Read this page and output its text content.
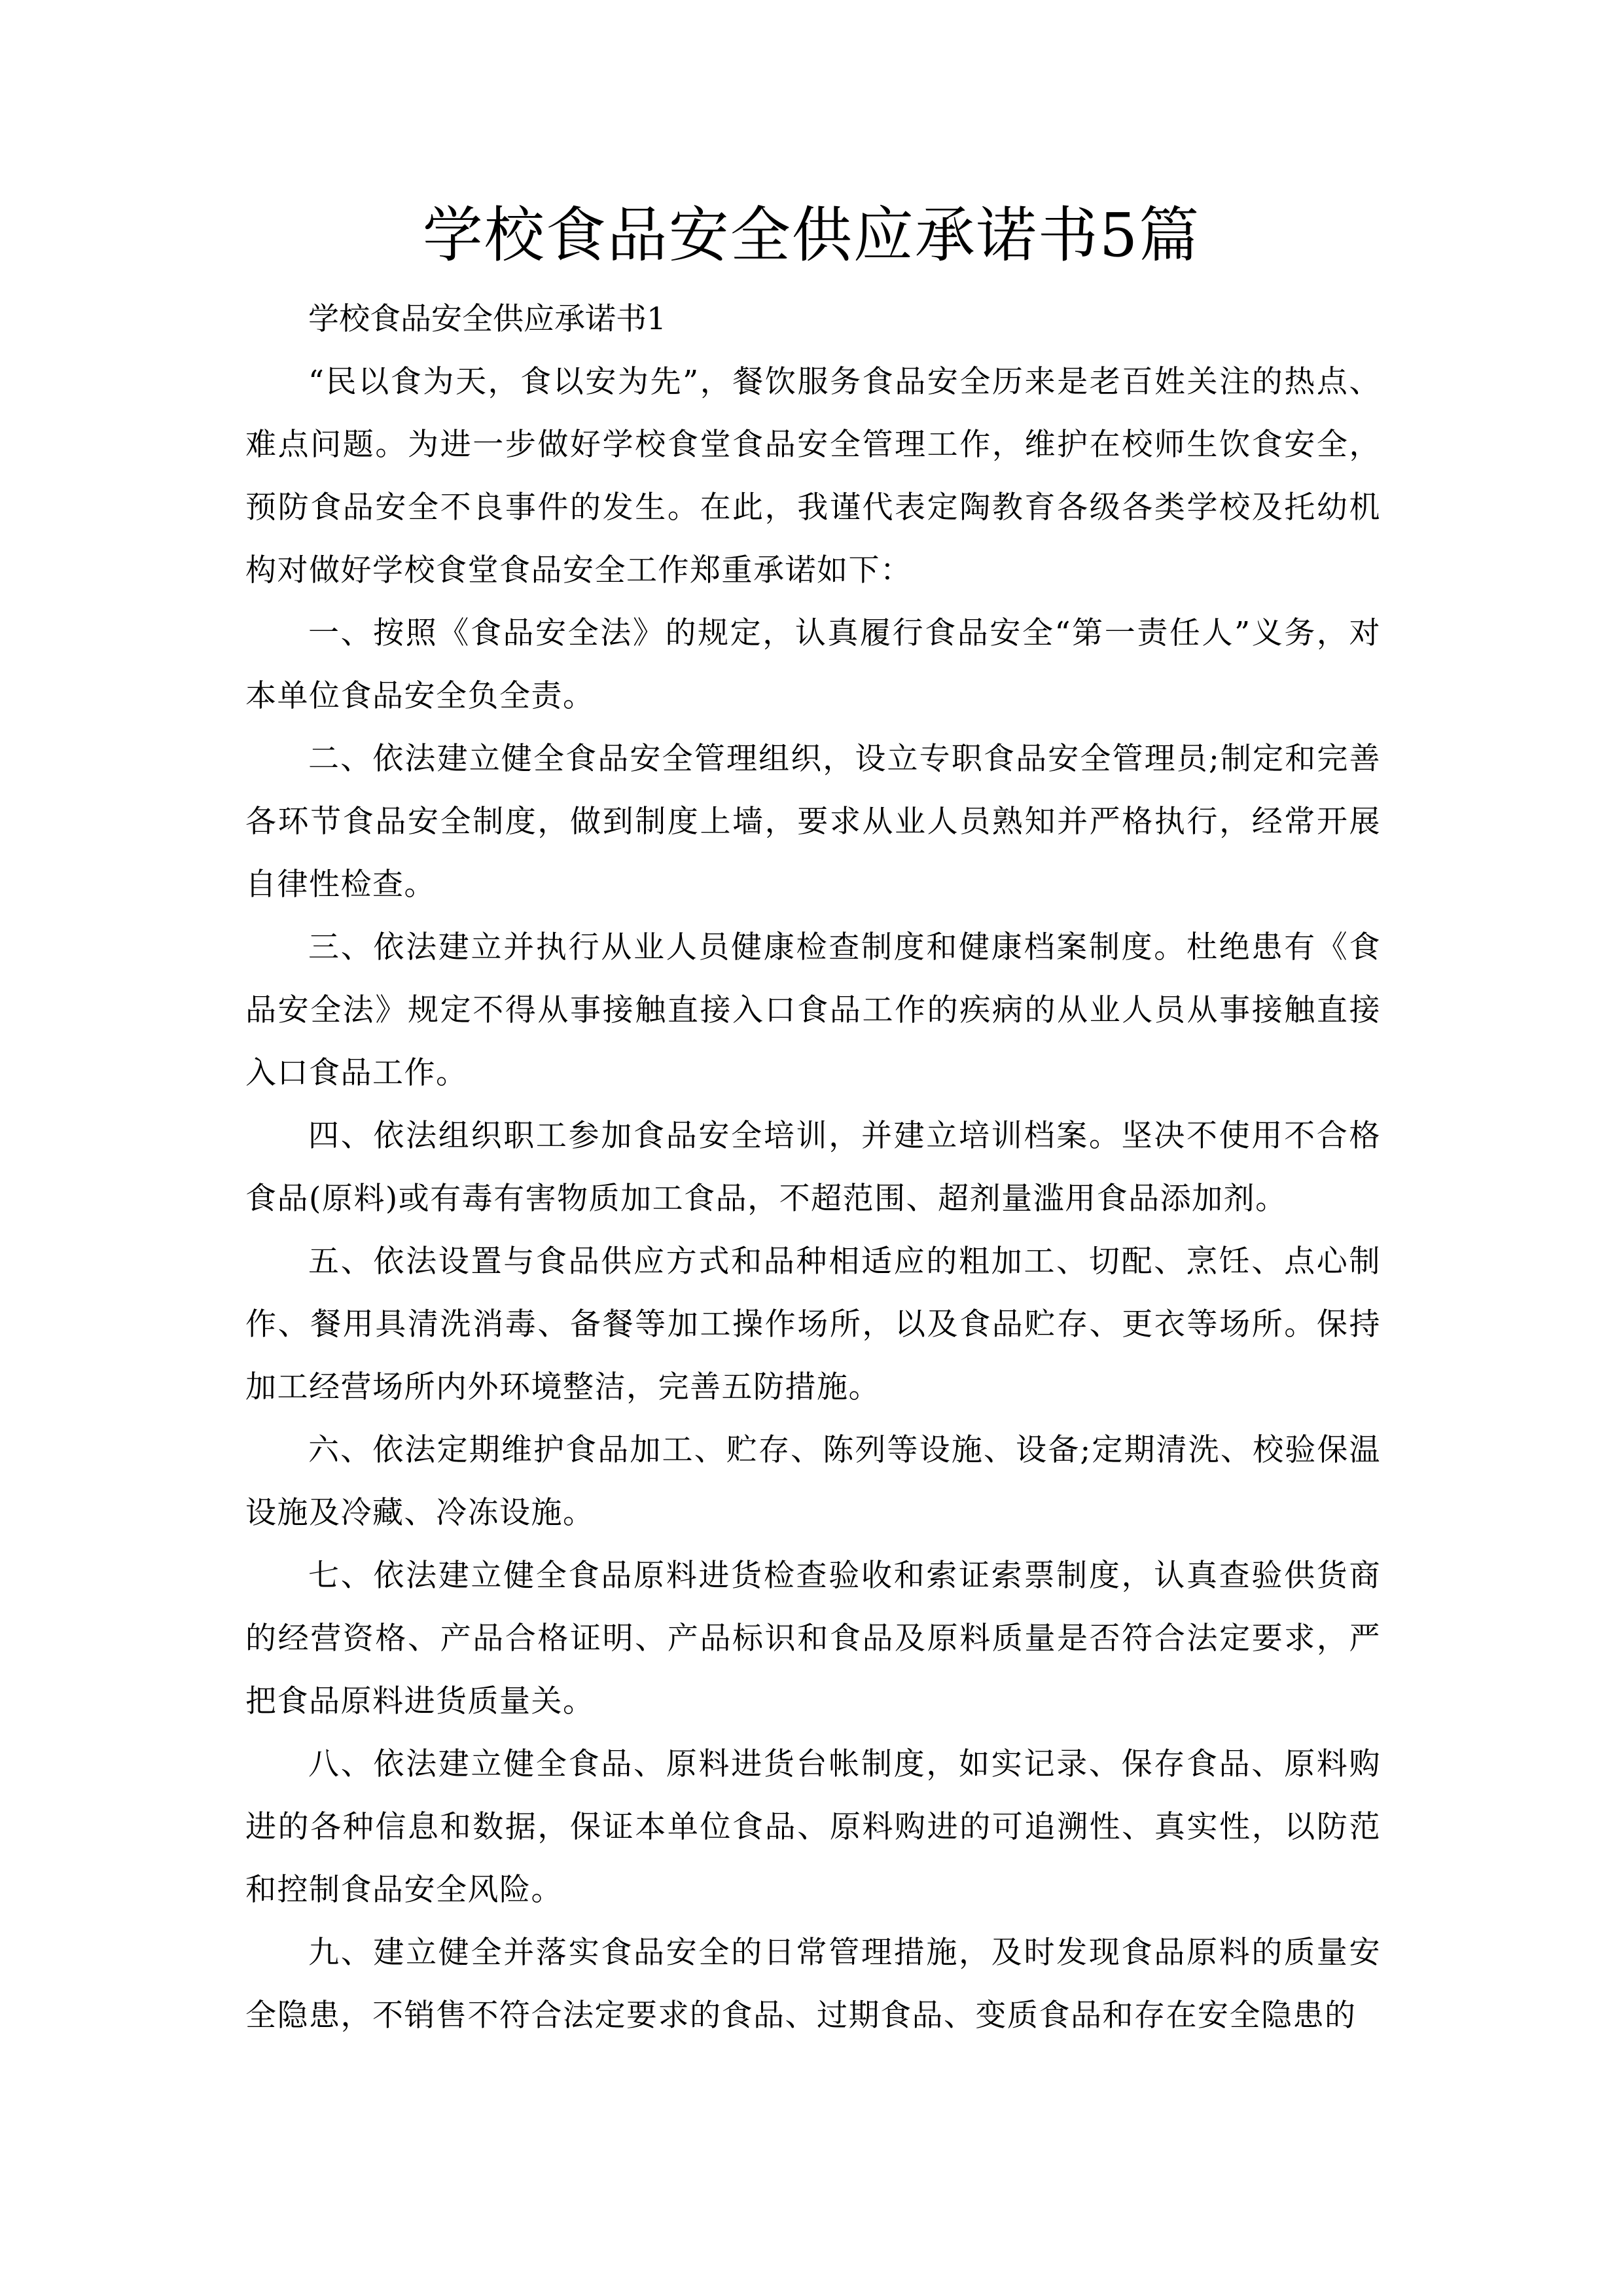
学校食品安全供应承诺书5篇

学校食品安全供应承诺书1

“民以食为天，食以安为先”，餐饮服务食品安全历来是老百姓关注的热点、难点问题。为进一步做好学校食堂食品安全管理工作，维护在校师生饮食安全，预防食品安全不良事件的发生。在此，我谨代表定陶教育各级各类学校及托幼机构对做好学校食堂食品安全工作郑重承诺如下：

一、按照《食品安全法》的规定，认真履行食品安全“第一责任人”义务，对本单位食品安全负全责。

二、依法建立健全食品安全管理组织，设立专职食品安全管理员;制定和完善各环节食品安全制度，做到制度上墙，要求从业人员熟知并严格执行，经常开展自律性检查。

三、依法建立并执行从业人员健康检查制度和健康档案制度。杜绝患有《食品安全法》规定不得从事接触直接入口食品工作的疾病的从业人员从事接触直接入口食品工作。

四、依法组织职工参加食品安全培训，并建立培训档案。坚决不使用不合格食品(原料)或有毒有害物质加工食品，不超范围、超剂量滥用食品添加剂。

五、依法设置与食品供应方式和品种相适应的粗加工、切配、烹饪、点心制作、餐用具清洗消毒、备餐等加工操作场所，以及食品贮存、更衣等场所。保持加工经营场所内外环境整洁，完善五防措施。

六、依法定期维护食品加工、贮存、陈列等设施、设备;定期清洗、校验保温设施及冷藏、冷冻设施。

七、依法建立健全食品原料进货检查验收和索证索票制度，认真查验供货商的经营资格、产品合格证明、产品标识和食品及原料质量是否符合法定要求，严把食品原料进货质量关。

八、依法建立健全食品、原料进货台帐制度，如实记录、保存食品、原料购进的各种信息和数据，保证本单位食品、原料购进的可追溯性、真实性，以防范和控制食品安全风险。

九、建立健全并落实食品安全的日常管理措施，及时发现食品原料的质量安全隐患，不销售不符合法定要求的食品、过期食品、变质食品和存在安全隐患的
